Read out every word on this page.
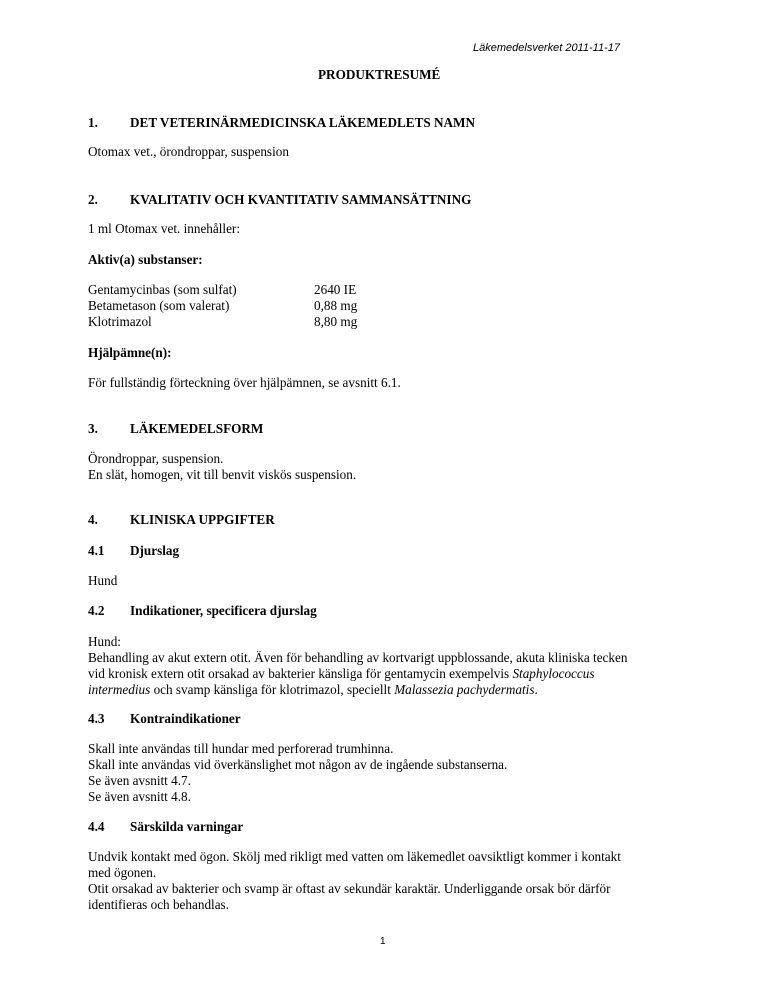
Läkemedelsverket 2011-11-17
PRODUKTRESUMÉ
1. DET VETERINÄRMEDICINSKA LÄKEMEDLETS NAMN
Otomax vet., örondroppar, suspension
2. KVALITATIV OCH KVANTITATIV SAMMANSÄTTNING
1 ml Otomax vet. innehåller:
Aktiv(a) substanser:
Gentamycinbas (som sulfat)	2640 IE
Betametason (som valerat)	0,88 mg
Klotrimazol	8,80 mg
Hjälpämne(n):
För fullständig förteckning över hjälpämnen, se avsnitt 6.1.
3. LÄKEMEDELSFORM
Örondroppar, suspension.
En slät, homogen, vit till benvit viskös suspension.
4. KLINISKA UPPGIFTER
4.1 Djurslag
Hund
4.2 Indikationer, specificera djurslag
Hund:
Behandling av akut extern otit. Även för behandling av kortvarigt uppblossande, akuta kliniska tecken
vid kronisk extern otit orsakad av bakterier känsliga för gentamycin exempelvis Staphylococcus
intermedius och svamp känsliga för klotrimazol, speciellt Malassezia pachydermatis.
4.3 Kontraindikationer
Skall inte användas till hundar med perforerad trumhinna.
Skall inte användas vid överkänslighet mot någon av de ingående substanserna.
Se även avsnitt 4.7.
Se även avsnitt 4.8.
4.4 Särskilda varningar
Undvik kontakt med ögon. Skölj med rikligt med vatten om läkemedlet oavsiktligt kommer i kontakt
med ögonen.
Otit orsakad av bakterier och svamp är oftast av sekundär karaktär. Underliggande orsak bör därför
identifieras och behandlas.
1
